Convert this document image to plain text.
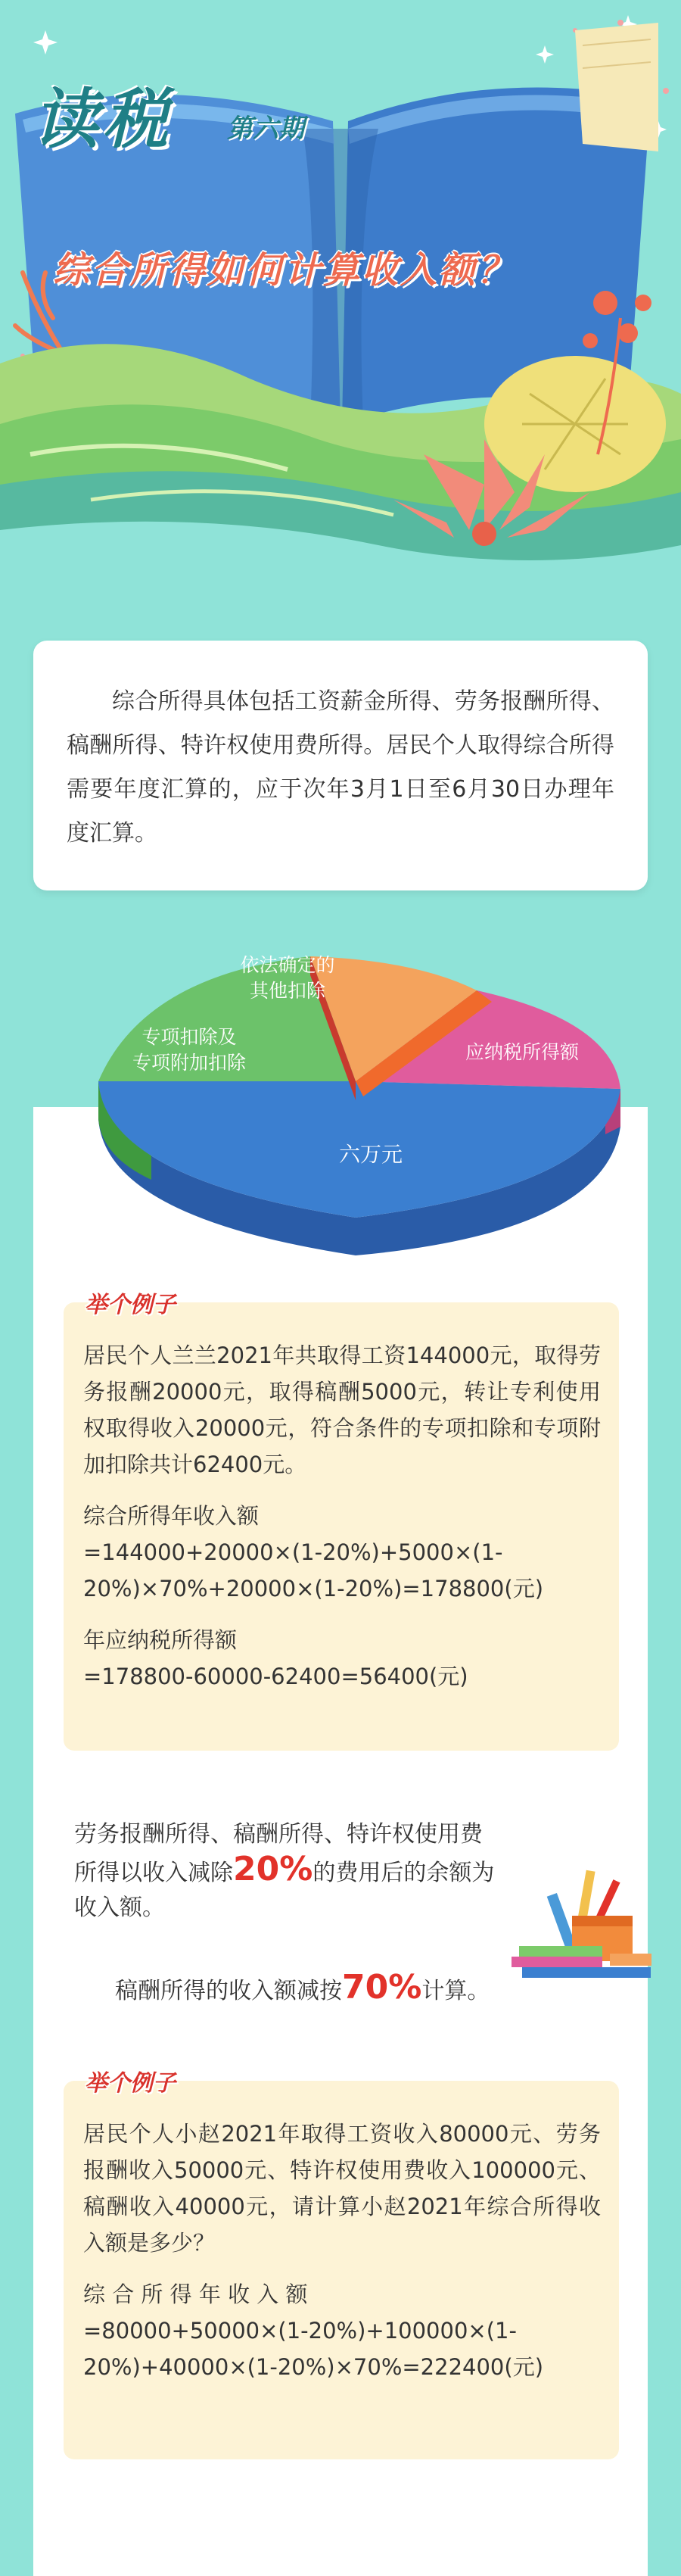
读税 第六期
综合所得如何计算收入额？

综合所得具体包括工资薪金所得、劳务报酬所得、稿酬所得、特许权使用费所得。居民个人取得综合所得需要年度汇算的，应于次年3月1日至6月30日办理年度汇算。

依法确定的
其他扣除
专项扣除及
专项附加扣除	应纳税所得额
六万元
举个例子

居民个人兰兰2021年共取得工资144000元，取得劳务报酬20000元，取得稿酬5000元，转让专利使用权取得收入20000元，符合条件的专项扣除和专项附加扣除共计62400元。

综合所得年收入额

=144000+20000×(1-20%)+5000×(1-20%)×70%+20000×(1-20%)=178800(元)

年应纳税所得额

=178800-60000-62400=56400(元)

劳务报酬所得、稿酬所得、特许权使用费
所得以收入减除20%的费用后的余额为
收入额。
稿酬所得的收入额减按70%计算。
举个例子

居民个人小赵2021年取得工资收入80000元、劳务报酬收入50000元、特许权使用费收入100000元、稿酬收入40000元，请计算小赵2021年综合所得收入额是多少？

综 合 所 得 年 收 入 额

=80000+50000×(1-20%)+100000×(1-20%)+40000×(1-20%)×70%=222400(元)
